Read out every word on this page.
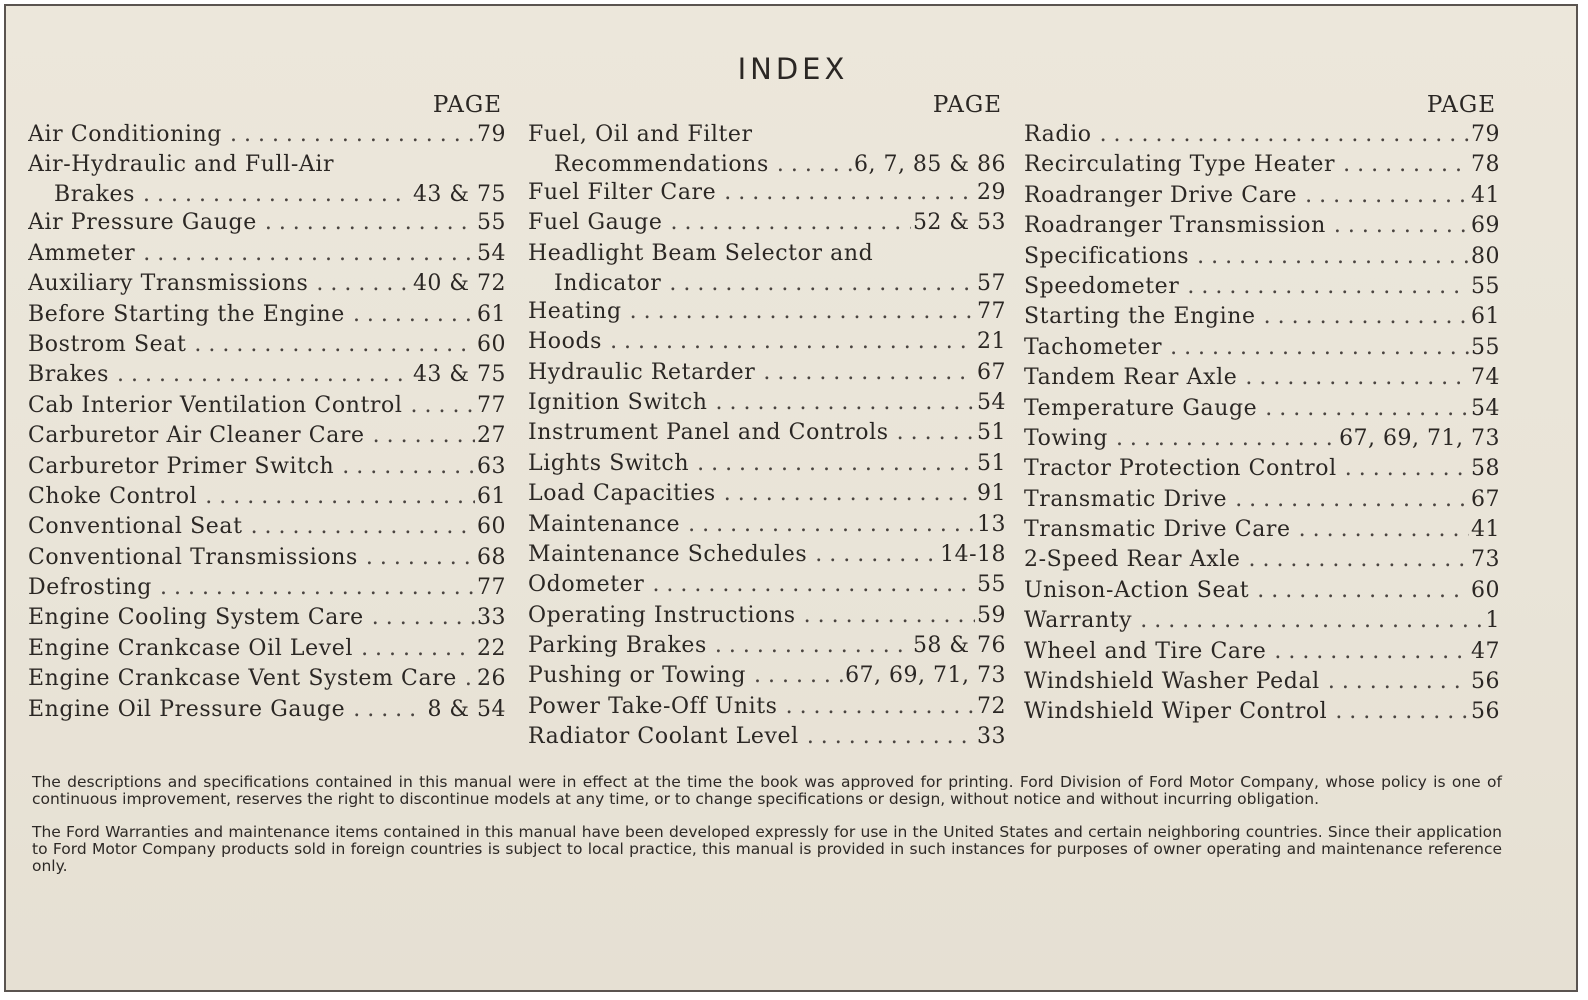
INDEX
PAGE
Air Conditioning . . .	79
Air-Hydraulic and Full-Air
Brakes . . .	43 & 75
Air Pressure Gauge . . .	55
Ammeter . . .	54
Auxiliary Transmissions . . .	40 & 72
Before Starting the Engine . . .	61
Bostrom Seat . . .	60
Brakes . . .	43 & 75
Cab Interior Ventilation Control . . .	77
Carburetor Air Cleaner Care . . .	27
Carburetor Primer Switch . . .	63
Choke Control . . .	61
Conventional Seat . . .	60
Conventional Transmissions . . .	68
Defrosting . . .	77
Engine Cooling System Care . . .	33
Engine Crankcase Oil Level . . .	22
Engine Crankcase Vent System Care . . . 26
Engine Oil Pressure Gauge . . .	8 & 54
PAGE
Fuel, Oil and Filter
Recommendations . . .	6, 7, 85 & 86
Fuel Filter Care . . .	29
Fuel Gauge . . .	52 & 53
Headlight Beam Selector and
Indicator . . .	57
Heating . . .	77
Hoods . . .	21
Hydraulic Retarder . . .	67
Ignition Switch . . .	54
Instrument Panel and Controls . . .	51
Lights Switch . . .	51
Load Capacities . . .	91
Maintenance . . .	13
Maintenance Schedules . . .	14-18
Odometer . . .	55
Operating Instructions . . .	59
Parking Brakes . . .	58 & 76
Pushing or Towing . . .	67, 69, 71, 73
Power Take-Off Units . . .	72
Radiator Coolant Level . . .	33
PAGE
Radio . . .	79
Recirculating Type Heater . . .	78
Roadranger Drive Care . . .	41
Roadranger Transmission . . .	69
Specifications . . .	80
Speedometer . . .	55
Starting the Engine . . .	61
Tachometer . . .	55
Tandem Rear Axle . . .	74
Temperature Gauge . . .	54
Towing . . .	67, 69, 71, 73
Tractor Protection Control . . .	58
Transmatic Drive . . .	67
Transmatic Drive Care . . .	41
2-Speed Rear Axle . . .	73
Unison-Action Seat . . .	60
Warranty . . .	1
Wheel and Tire Care . . .	47
Windshield Washer Pedal . . .	56
Windshield Wiper Control . . .	56

The descriptions and specifications contained in this manual were in effect at the time the book was approved for printing. Ford Division of Ford Motor Company, whose policy is one of continuous improvement, reserves the right to discontinue models at any time, or to change specifications or design, without notice and without incurring obligation.

The Ford Warranties and maintenance items contained in this manual have been developed expressly for use in the United States and certain neighboring countries. Since their application to Ford Motor Company products sold in foreign countries is subject to local practice, this manual is provided in such instances for purposes of owner operating and maintenance reference only.
